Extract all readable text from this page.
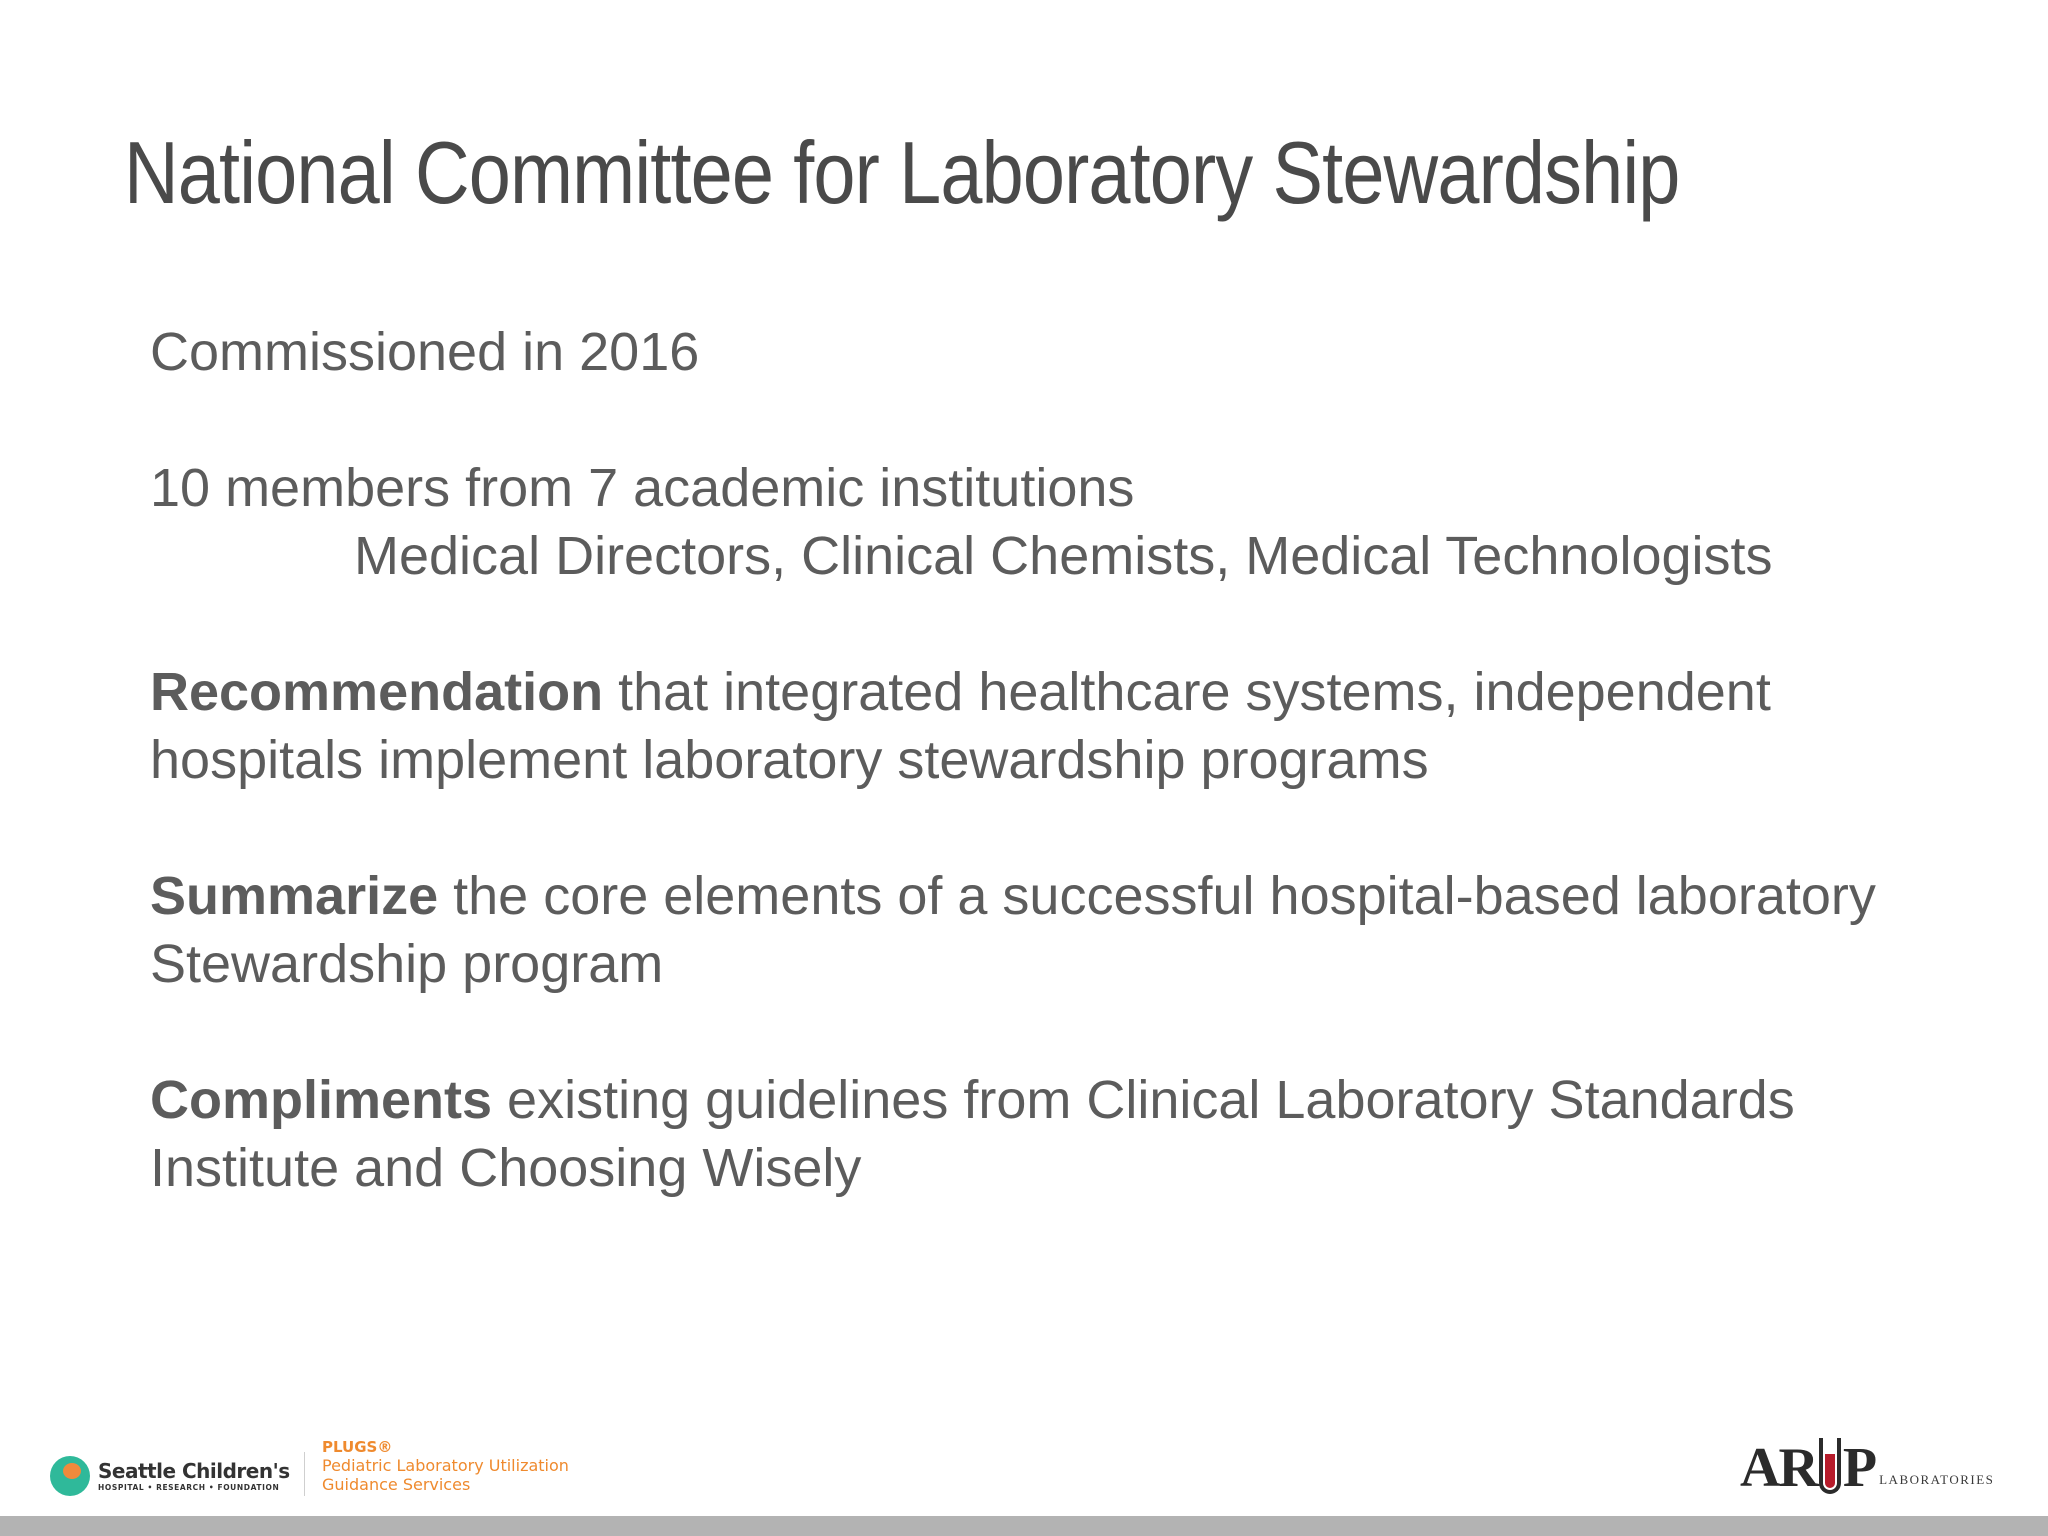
National Committee for Laboratory Stewardship

Commissioned in 2016

10 members from 7 academic institutions

Medical Directors, Clinical Chemists, Medical Technologists

Recommendation that integrated healthcare systems, independent hospitals implement laboratory stewardship programs

Summarize the core elements of a successful hospital-based laboratory Stewardship program

Compliments existing guidelines from Clinical Laboratory Standards Institute and Choosing Wisely

Seattle Children's
HOSPITAL • RESEARCH • FOUNDATION
PLUGS®
Pediatric Laboratory Utilization
Guidance Services	AR P LABORATORIES
